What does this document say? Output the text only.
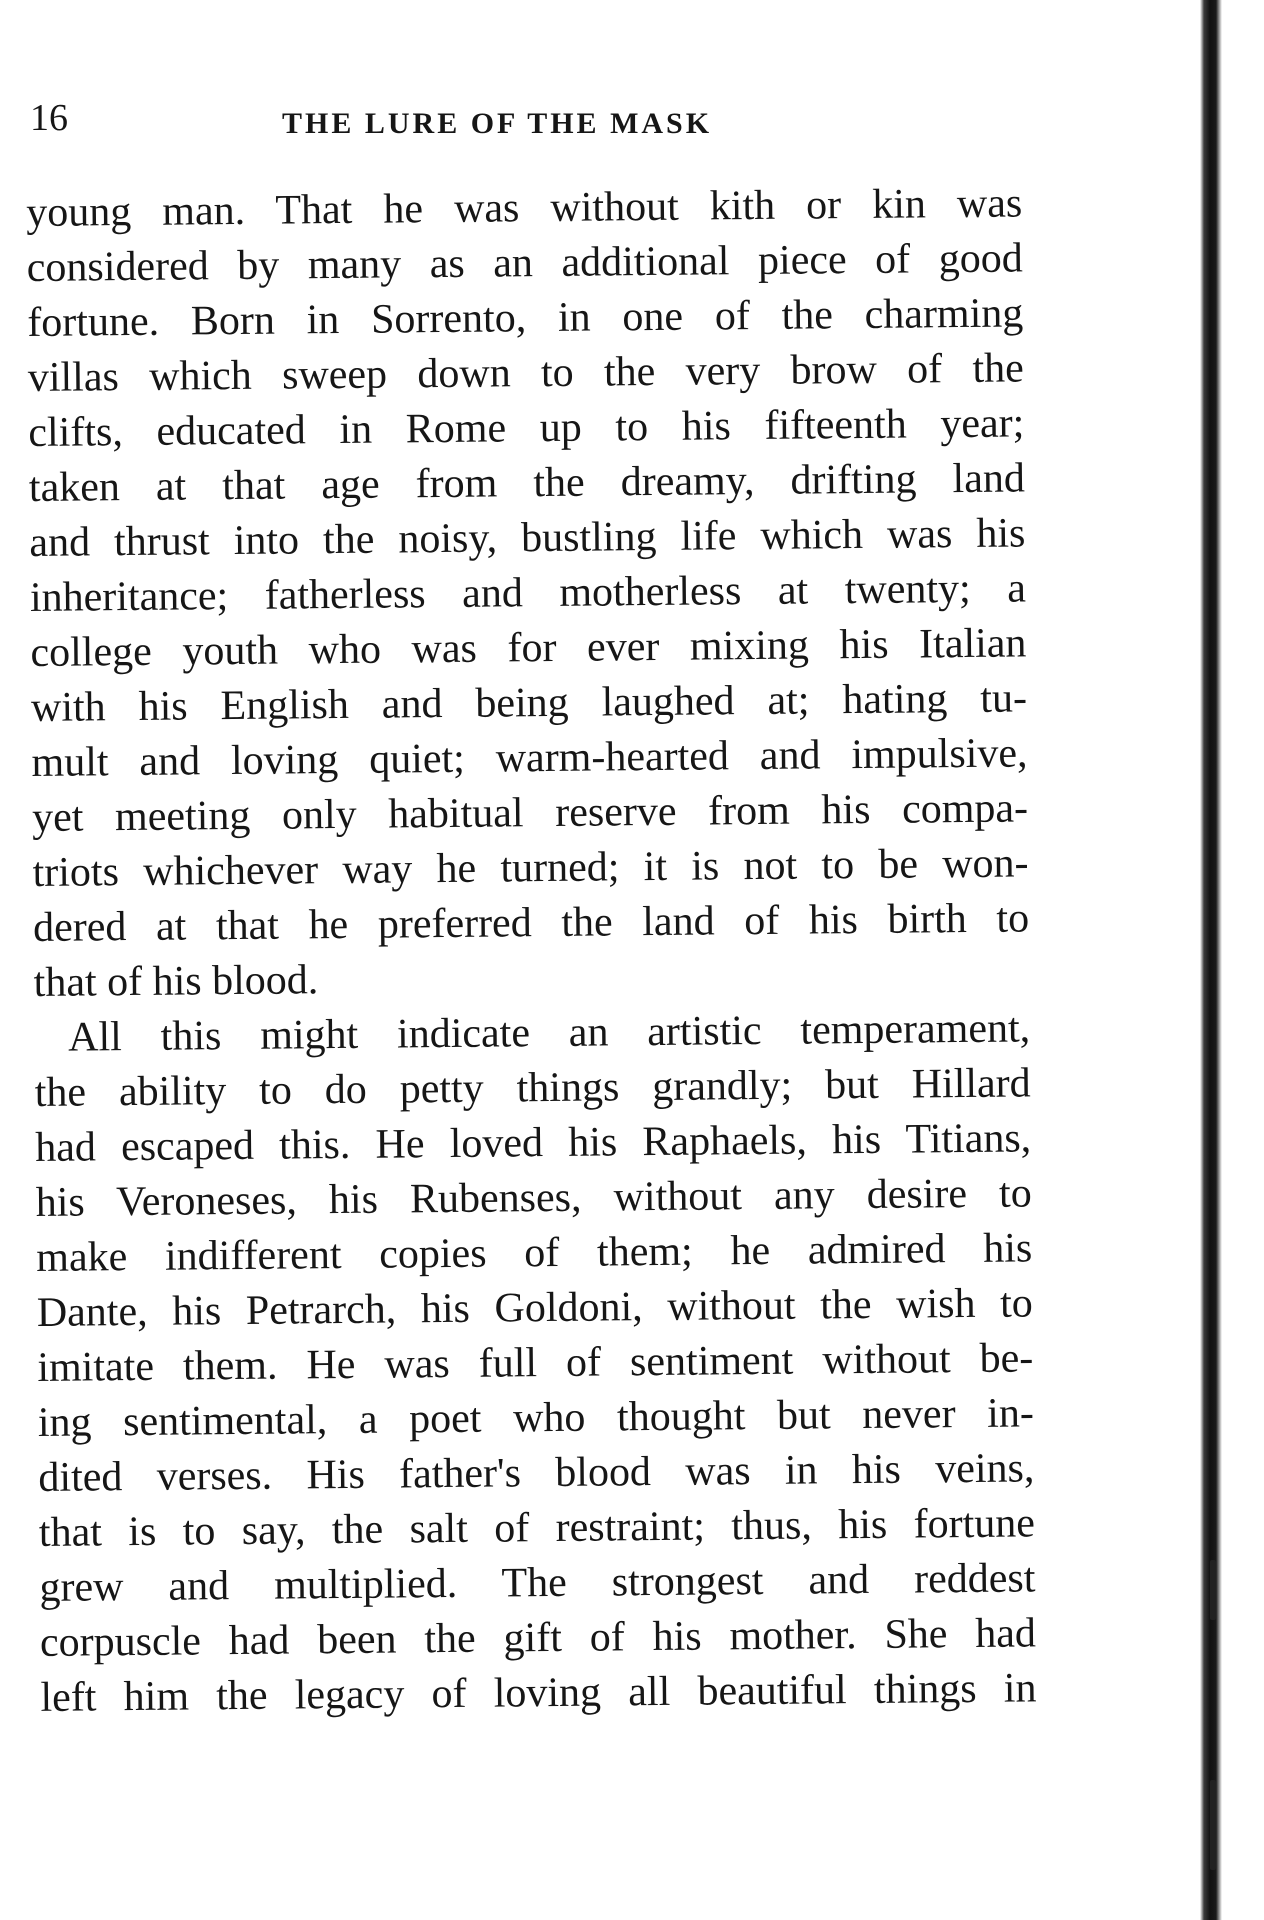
16	THE LURE OF THE MASK
young man. That he was without kith or kin was
considered by many as an additional piece of good
fortune. Born in Sorrento, in one of the charming
villas which sweep down to the very brow of the
clifts, educated in Rome up to his fifteenth year;
taken at that age from the dreamy, drifting land
and thrust into the noisy, bustling life which was his
inheritance; fatherless and motherless at twenty; a
college youth who was for ever mixing his Italian
with his English and being laughed at; hating tu-
mult and loving quiet; warm-hearted and impulsive,
yet meeting only habitual reserve from his compa-
triots whichever way he turned; it is not to be won-
dered at that he preferred the land of his birth to
that of his blood.
All this might indicate an artistic temperament,
the ability to do petty things grandly; but Hillard
had escaped this. He loved his Raphaels, his Titians,
his Veroneses, his Rubenses, without any desire to
make indifferent copies of them; he admired his
Dante, his Petrarch, his Goldoni, without the wish to
imitate them. He was full of sentiment without be-
ing sentimental, a poet who thought but never in-
dited verses. His father's blood was in his veins,
that is to say, the salt of restraint; thus, his fortune
grew and multiplied. The strongest and reddest
corpuscle had been the gift of his mother. She had
left him the legacy of loving all beautiful things in
